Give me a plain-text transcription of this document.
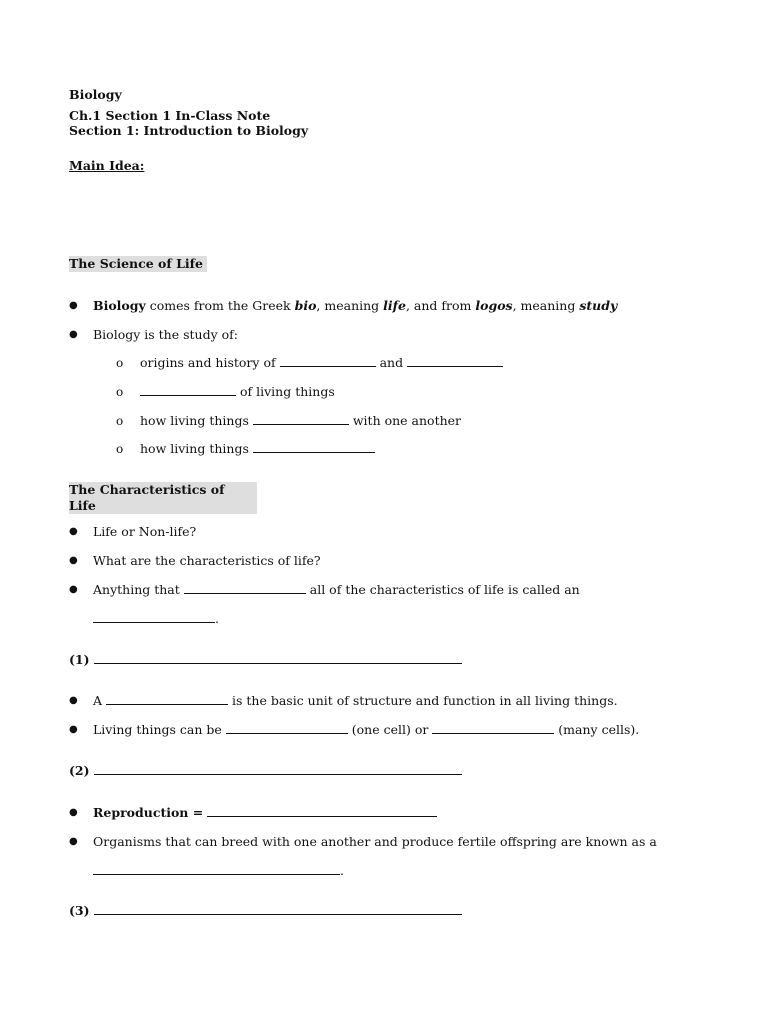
Biology
Ch.1 Section 1 In-Class Note
Section 1: Introduction to Biology
Main Idea:
The Science of Life
● Biology comes from the Greek bio, meaning life, and from logos, meaning study
● Biology is the study of:
o origins and history of	and
o	of living things
o how living things	with one another
o how living things
The Characteristics of Life
● Life or Non-life?
● What are the characteristics of life?
● Anything that	all of the characteristics of life is called an
.
(1)
● A	is the basic unit of structure and function in all living things.
● Living things can be	(one cell) or	(many cells).
(2)
● Reproduction =
● Organisms that can breed with one another and produce fertile offspring are known as a
.
(3)
